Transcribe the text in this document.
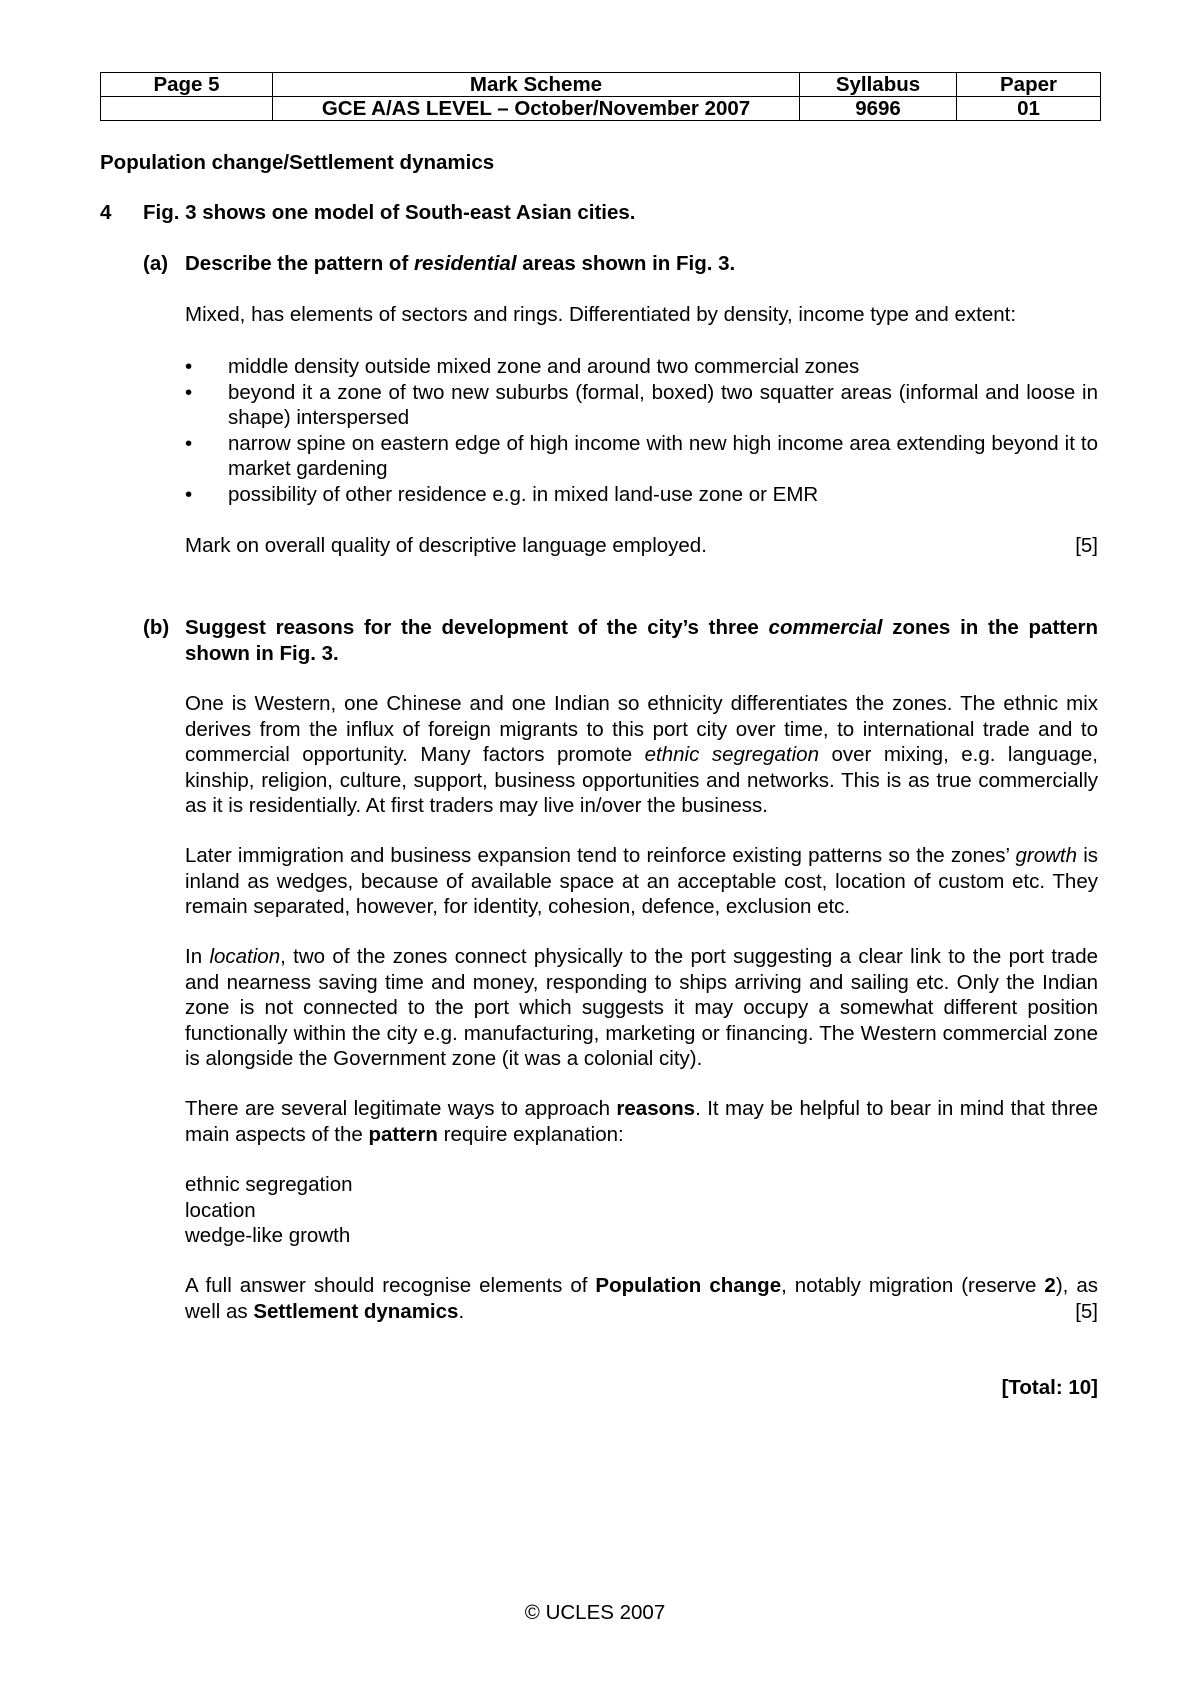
Page 5	Mark Scheme	Syllabus	Paper
	GCE A/AS LEVEL – October/November 2007	9696	01
Population change/Settlement dynamics
4 Fig. 3 shows one model of South-east Asian cities.
(a) Describe the pattern of residential areas shown in Fig. 3.
Mixed, has elements of sectors and rings. Differentiated by density, income type and extent:
• middle density outside mixed zone and around two commercial zones
• beyond it a zone of two new suburbs (formal, boxed) two squatter areas (informal and loose in shape) interspersed
• narrow spine on eastern edge of high income with new high income area extending beyond it to market gardening
• possibility of other residence e.g. in mixed land-use zone or EMR
Mark on overall quality of descriptive language employed.	[5]
(b) Suggest reasons for the development of the city’s three commercial zones in the pattern shown in Fig. 3.
One is Western, one Chinese and one Indian so ethnicity differentiates the zones. The ethnic mix derives from the influx of foreign migrants to this port city over time, to international trade and to commercial opportunity. Many factors promote ethnic segregation over mixing, e.g. language, kinship, religion, culture, support, business opportunities and networks. This is as true commercially as it is residentially. At first traders may live in/over the business.
Later immigration and business expansion tend to reinforce existing patterns so the zones’ growth is inland as wedges, because of available space at an acceptable cost, location of custom etc. They remain separated, however, for identity, cohesion, defence, exclusion etc.
In location, two of the zones connect physically to the port suggesting a clear link to the port trade and nearness saving time and money, responding to ships arriving and sailing etc. Only the Indian zone is not connected to the port which suggests it may occupy a somewhat different position functionally within the city e.g. manufacturing, marketing or financing. The Western commercial zone is alongside the Government zone (it was a colonial city).
There are several legitimate ways to approach reasons. It may be helpful to bear in mind that three main aspects of the pattern require explanation:
ethnic segregation
location
wedge-like growth
A full answer should recognise elements of Population change, notably migration (reserve 2), as well as Settlement dynamics.	[5]
[Total: 10]
© UCLES 2007
